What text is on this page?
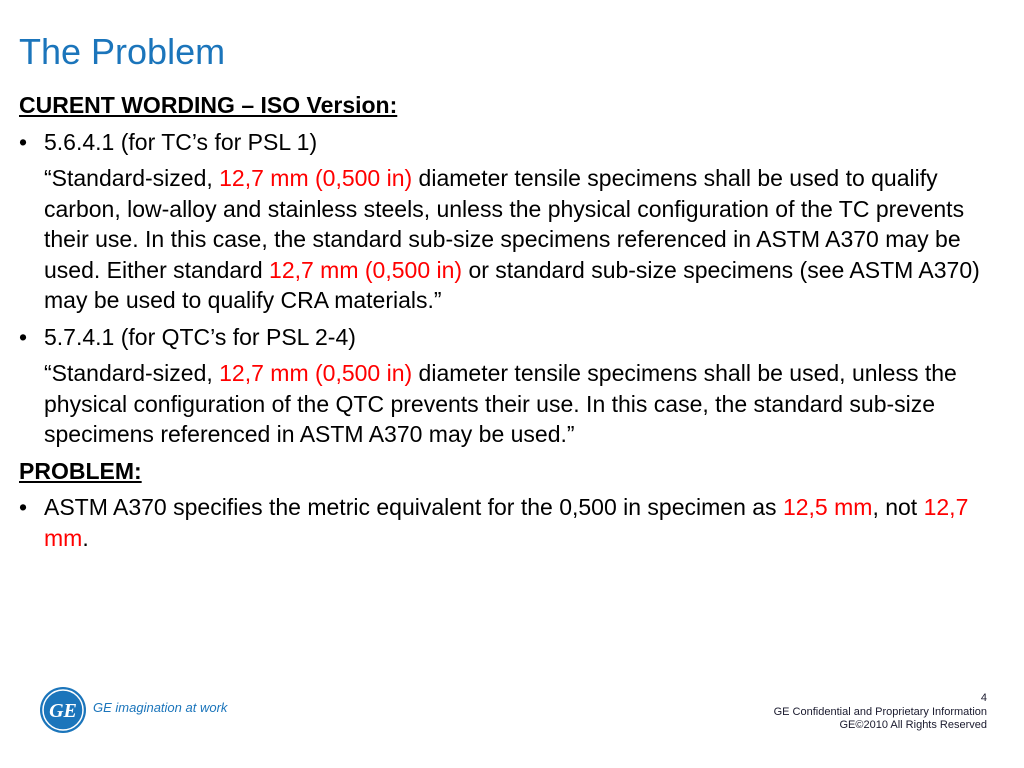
The Problem
CURENT WORDING – ISO Version:
• 5.6.4.1 (for TC’s for PSL 1)
“Standard-sized, 12,7 mm (0,500 in) diameter tensile specimens shall be used to qualify carbon, low-alloy and stainless steels, unless the physical configuration of the TC prevents their use. In this case, the standard sub-size specimens referenced in ASTM A370 may be used. Either standard 12,7 mm (0,500 in) or standard sub-size specimens (see ASTM A370) may be used to qualify CRA materials.”
• 5.7.4.1 (for QTC’s for PSL 2-4)
“Standard-sized, 12,7 mm (0,500 in) diameter tensile specimens shall be used, unless the physical configuration of the QTC prevents their use. In this case, the standard sub-size specimens referenced in ASTM A370 may be used.”
PROBLEM:
• ASTM A370 specifies the metric equivalent for the 0,500 in specimen as 12,5 mm, not 12,7 mm.
GE GE imagination at work
4
GE Confidential and Proprietary Information
GE©2010 All Rights Reserved
